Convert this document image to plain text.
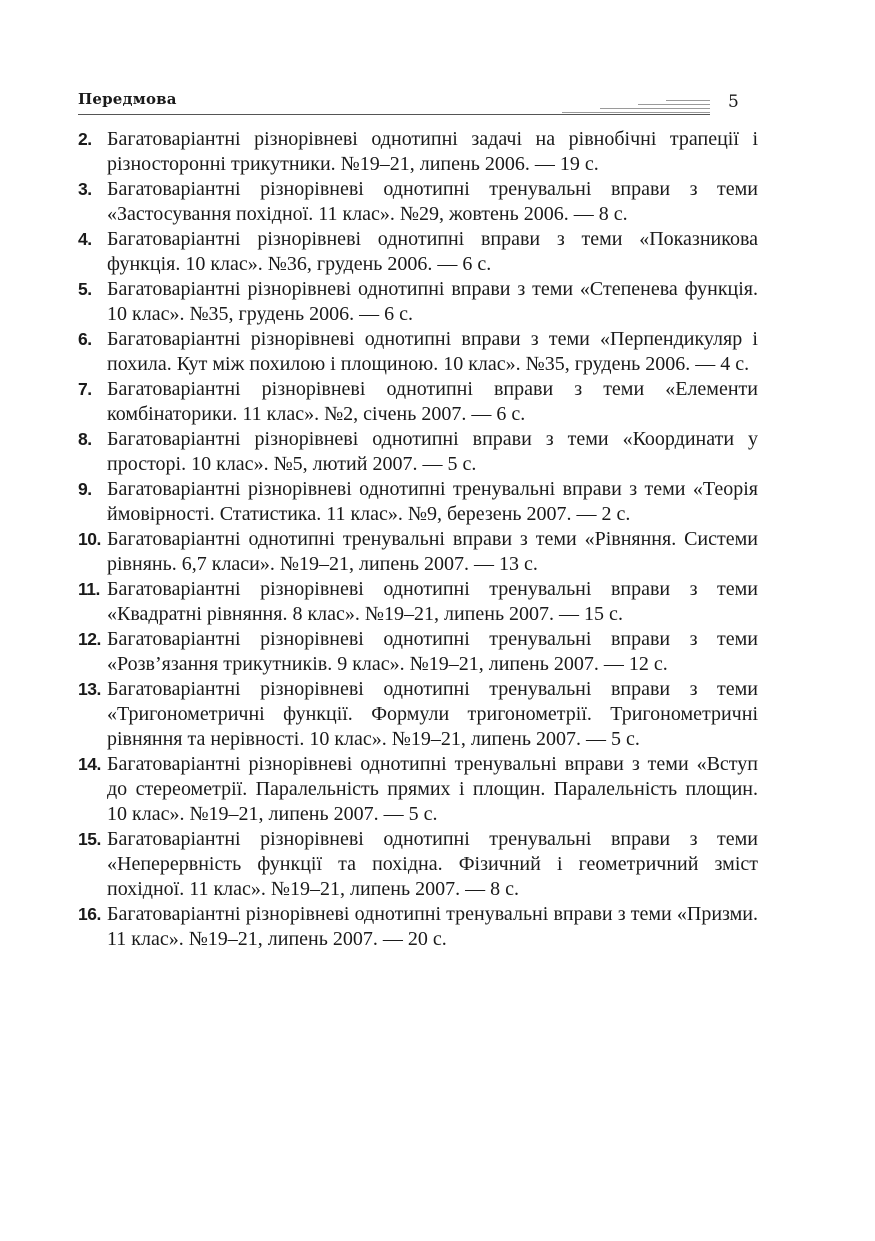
Передмова	5
2. Багатоваріантні різнорівневі однотипні задачі на рівнобічні трапеції і різносторонні трикутники. №19–21, липень 2006. — 19 с.
3. Багатоваріантні різнорівневі однотипні тренувальні вправи з теми «Застосування похідної. 11 клас». №29, жовтень 2006. — 8 с.
4. Багатоваріантні різнорівневі однотипні вправи з теми «Показникова функція. 10 клас». №36, грудень 2006. — 6 с.
5. Багатоваріантні різнорівневі однотипні вправи з теми «Степенева функція. 10 клас». №35, грудень 2006. — 6 с.
6. Багатоваріантні різнорівневі однотипні вправи з теми «Перпендикуляр і похила. Кут між похилою і площиною. 10 клас». №35, грудень 2006. — 4 с.
7. Багатоваріантні різнорівневі однотипні вправи з теми «Елементи комбінаторики. 11 клас». №2, січень 2007. — 6 с.
8. Багатоваріантні різнорівневі однотипні вправи з теми «Координати у просторі. 10 клас». №5, лютий 2007. — 5 с.
9. Багатоваріантні різнорівневі однотипні тренувальні вправи з теми «Теорія ймовірності. Статистика. 11 клас». №9, березень 2007. — 2 с.
10. Багатоваріантні однотипні тренувальні вправи з теми «Рівняння. Системи рівнянь. 6,7 класи». №19–21, липень 2007. — 13 с.
11. Багатоваріантні різнорівневі однотипні тренувальні вправи з теми «Квадратні рівняння. 8 клас». №19–21, липень 2007. — 15 с.
12. Багатоваріантні різнорівневі однотипні тренувальні вправи з теми «Розв’язання трикутників. 9 клас». №19–21, липень 2007. — 12 с.
13. Багатоваріантні різнорівневі однотипні тренувальні вправи з теми «Тригонометричні функції. Формули тригонометрії. Тригонометричні рівняння та нерівності. 10 клас». №19–21, липень 2007. — 5 с.
14. Багатоваріантні різнорівневі однотипні тренувальні вправи з теми «Вступ до стереометрії. Паралельність прямих і площин. Паралельність площин. 10 клас». №19–21, липень 2007. — 5 с.
15. Багатоваріантні різнорівневі однотипні тренувальні вправи з теми «Неперервність функції та похідна. Фізичний і геометричний зміст похідної. 11 клас». №19–21, липень 2007. — 8 с.
16. Багатоваріантні різнорівневі однотипні тренувальні вправи з теми «Призми. 11 клас». №19–21, липень 2007. — 20 с.
